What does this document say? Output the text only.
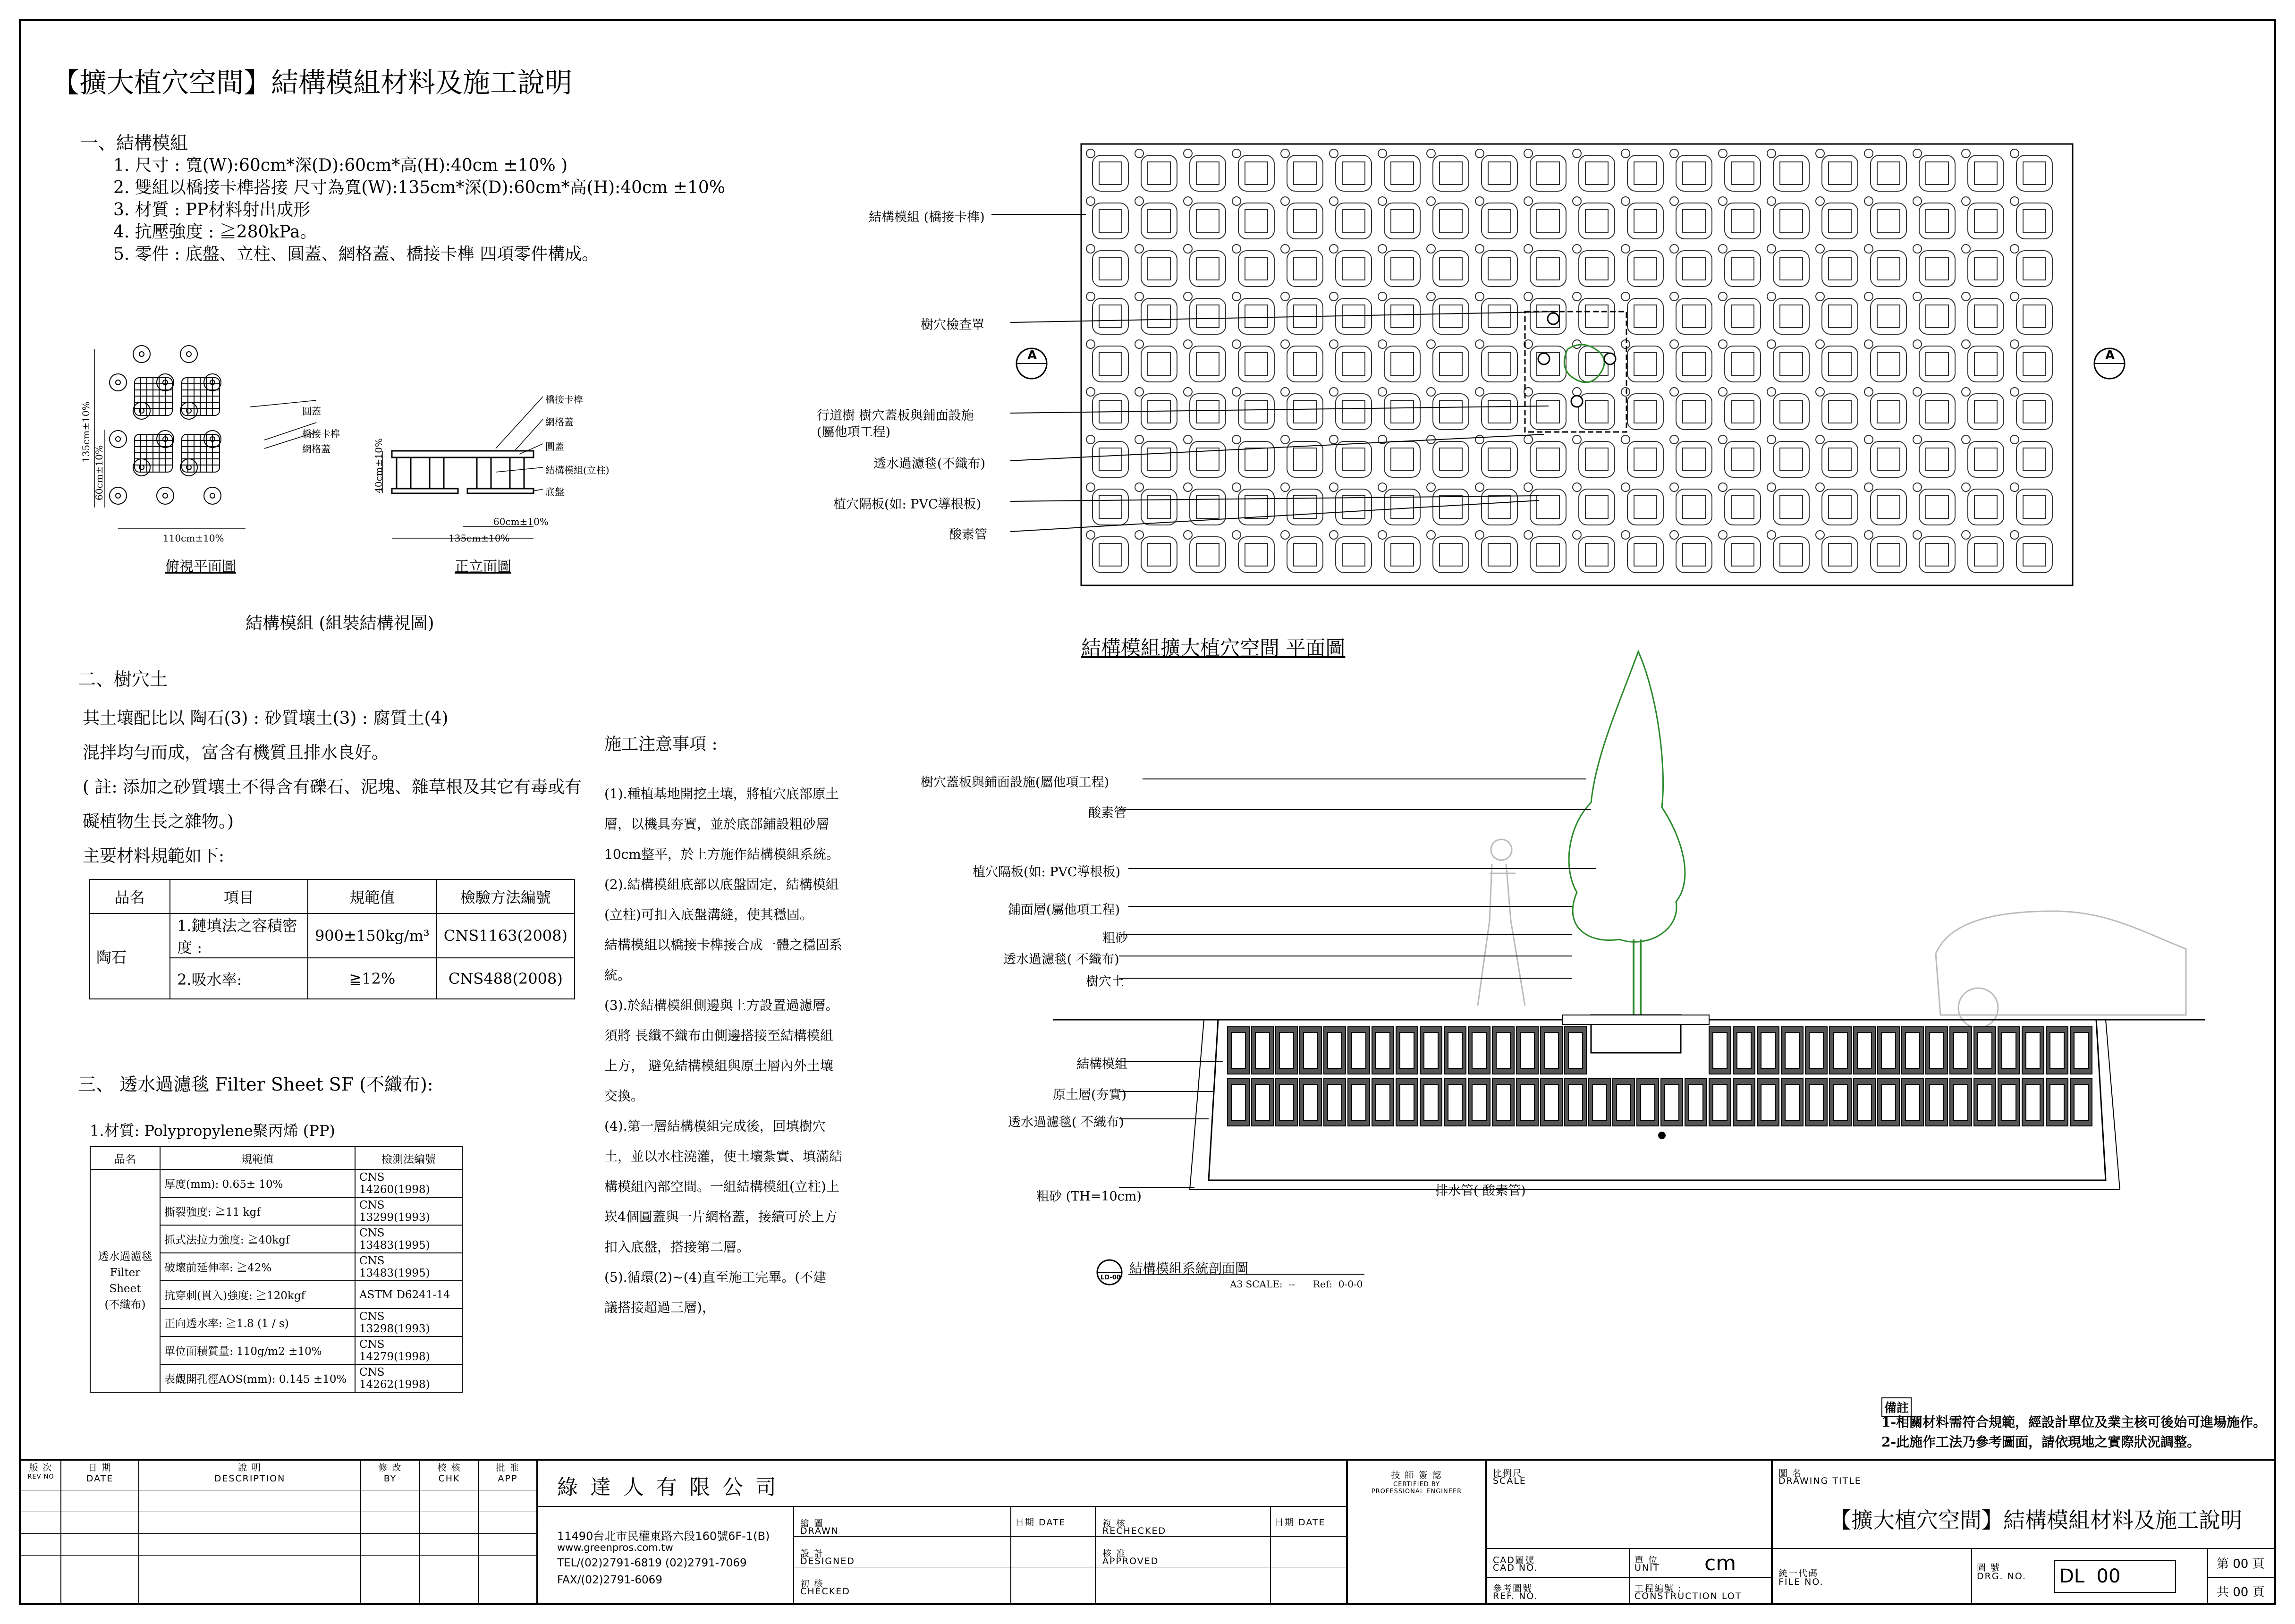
【擴大植穴空間】結構模組材料及施工說明
一、結構模組
1. 尺寸 : 寬(W):60cm*深(D):60cm*高(H):40cm ±10% )
2. 雙組以橋接卡榫搭接 尺寸為寬(W):135cm*深(D):60cm*高(H):40cm ±10%
3. 材質 : PP材料射出成形
4. 抗壓強度 : ≧280kPa。
5. 零件 : 底盤、立柱、圓蓋、網格蓋、橋接卡榫 四項零件構成。
圓蓋
橋接卡榫
網格蓋
135cm±10%
60cm±10%
110cm±10%
俯視平面圖
橋接卡榫
網格蓋
圓蓋
結構模組(立柱)
底盤
40cm±10%
60cm±10%
135cm±10%
正立面圖
結構模組 (組裝結構視圖)
二、樹穴土
其土壤配比以 陶石(3) : 砂質壤土(3) : 腐質土(4)
混拌均勻而成，富含有機質且排水良好。
( 註: 添加之砂質壤土不得含有礫石、泥塊、雜草根及其它有毒或有
礙植物生長之雜物。)
主要材料規範如下:
品名	項目	規範值	檢驗方法編號
陶石	1.鏈填法之容積密度 :	900±150kg/m³	CNS1163(2008)
	2.吸水率:	≧12%	CNS488(2008)
三、 透水過濾毯 Filter Sheet SF (不織布):
1.材質: Polypropylene聚丙烯 (PP)
品名	規範值	檢測法編號

透水過濾毯
Filter Sheet
(不織布)	厚度(mm): 0.65± 10%	CNS 14260(1998)
	撕裂強度: ≧11 kgf	CNS 13299(1993)
	抓式法拉力強度: ≧40kgf	CNS 13483(1995)
	破壞前延伸率: ≧42%	CNS 13483(1995)
	抗穿刺(貫入)強度: ≧120kgf	ASTM D6241-14
	正向透水率: ≧1.8 (1 / s)	CNS 13298(1993)
	單位面積質量: 110g/m2 ±10%	CNS 14279(1998)
	表觀開孔徑AOS(mm): 0.145 ±10%	CNS 14262(1998)
施工注意事項 :
(1).種植基地開挖土壤，將植穴底部原土
層，以機具夯實，並於底部鋪設粗砂層
10cm整平，於上方施作結構模組系統。
(2).結構模組底部以底盤固定，結構模組
(立柱)可扣入底盤溝縫，使其穩固。
結構模組以橋接卡榫接合成一體之穩固系
統。
(3).於結構模組側邊與上方設置過濾層。
須將 長纖不織布由側邊搭接至結構模組
上方， 避免結構模組與原土層內外土壤
交換。
(4).第一層結構模組完成後，回填樹穴
土，並以水柱澆灌，使土壤紮實、填滿結
構模組內部空間。一組結構模組(立柱)上
崁4個圓蓋與一片網格蓋，接續可於上方
扣入底盤，搭接第二層。
(5).循環(2)~(4)直至施工完畢。(不建
議搭接超過三層)，
結構模組 (橋接卡榫)
樹穴檢查罩
行道樹 樹穴蓋板與鋪面設施
(屬他項工程)
透水過濾毯(不織布)
植穴隔板(如: PVC導根板)
酸素管
A	A
結構模組擴大植穴空間 平面圖
樹穴蓋板與鋪面設施(屬他項工程)
酸素管
植穴隔板(如: PVC導根板)
鋪面層(屬他項工程)
粗砂
透水過濾毯( 不織布)
樹穴土
結構模組
原土層(夯實)
透水過濾毯( 不織布)
粗砂 (TH=10cm)	排水管( 酸素管)
LD-00
結構模組系統剖面圖
A3 SCALE:  --      Ref:  0-0-0
備註
1-相關材料需符合規範，經設計單位及業主核可後始可進場施作。
2-此施作工法乃參考圖面，請依現地之實際狀況調整。
版 次
REV NO
日 期
DATE
說 明
DESCRIPTION
修 改
BY
校 核
CHK
批 准
APP	綠 達 人 有 限 公 司
11490台北市民權東路六段160號6F-1(B)
www.greenpros.com.tw
TEL/(02)2791-6819 (02)2791-7069
FAX/(02)2791-6069
繪 圖
DRAWN
設 計
DESIGNED
初 核
CHECKED
日期 DATE	複 核
RECHECKED
核 准
APPROVED
日期 DATE
技 師 簽 認
CERTIFIED BY
PROFESSIONAL ENGINEER
比例尺
SCALE
CAD圖號
CAD NO.
參考圖號
REF. NO.
單 位
UNIT cm
工程編號 :
CONSTRUCTION LOT
圖 名
DRAWING TITLE
【擴大植穴空間】結構模組材料及施工說明
統一代碼
FILE NO.
圖 號
DRG. NO.	DL  00
第 00 頁
共 00 頁
